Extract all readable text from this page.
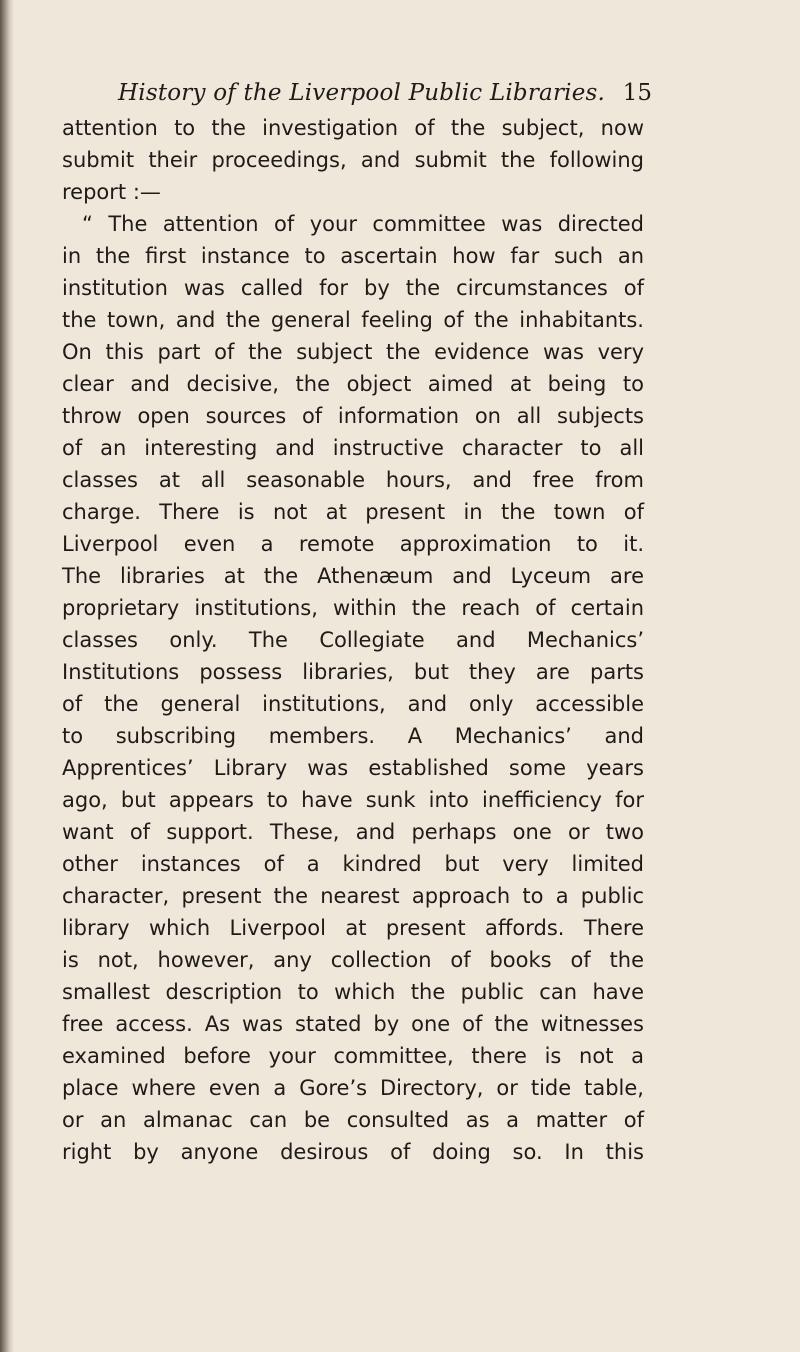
History of the Liverpool Public Libraries. 15
attention to the investigation of the subject, now
submit their proceedings, and submit the following
report :—
“ The attention of your committee was directed
in the first instance to ascertain how far such an
institution was called for by the circumstances of
the town, and the general feeling of the inhabitants.
On this part of the subject the evidence was very
clear and decisive, the object aimed at being to
throw open sources of information on all subjects
of an interesting and instructive character to all
classes at all seasonable hours, and free from
charge. There is not at present in the town of
Liverpool even a remote approximation to it.
The libraries at the Athenæum and Lyceum are
proprietary institutions, within the reach of certain
classes only. The Collegiate and Mechanics’
Institutions possess libraries, but they are parts
of the general institutions, and only accessible
to subscribing members. A Mechanics’ and
Apprentices’ Library was established some years
ago, but appears to have sunk into inefficiency for
want of support. These, and perhaps one or two
other instances of a kindred but very limited
character, present the nearest approach to a public
library which Liverpool at present affords. There
is not, however, any collection of books of the
smallest description to which the public can have
free access. As was stated by one of the witnesses
examined before your committee, there is not a
place where even a Gore’s Directory, or tide table,
or an almanac can be consulted as a matter of
right by anyone desirous of doing so. In this
